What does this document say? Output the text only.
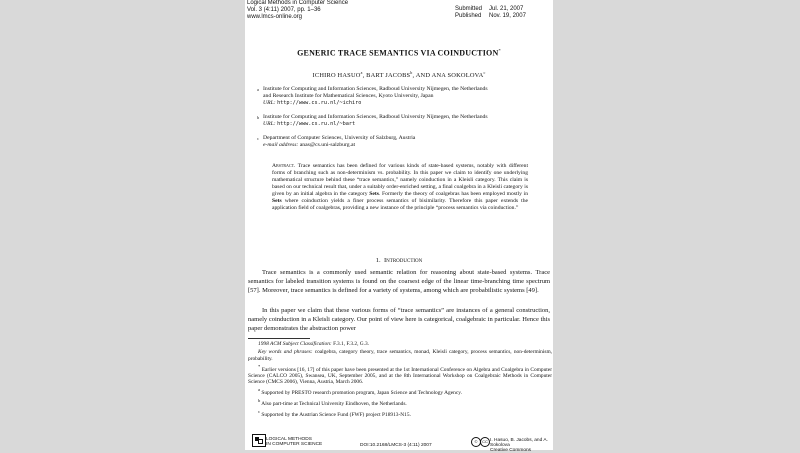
Logical Methods in Computer Science
Vol. 3 (4:11) 2007, pp. 1–36
www.lmcs-online.org
Submitted Jul. 21, 2007
Published Nov. 19, 2007
GENERIC TRACE SEMANTICS VIA COINDUCTION*
ICHIRO HASUO$^a$, BART JACOBS$^b$, AND ANA SOKOLOVA$^c$
a Institute for Computing and Information Sciences, Radboud University Nijmegen, the Netherlands
and Research Institute for Mathematical Sciences, Kyoto University, Japan
URL: http://www.cs.ru.nl/~ichiro
b Institute for Computing and Information Sciences, Radboud University Nijmegen, the Netherlands
URL: http://www.cs.ru.nl/~bart
c Department of Computer Sciences, University of Salzburg, Austria
e-mail address: anas@cs.uni-salzburg.at
Abstract. Trace semantics has been defined for various kinds of state-based systems, notably with different forms of branching such as non-determinism vs. probability. In this paper we claim to identify one underlying mathematical structure behind these “trace semantics,” namely coinduction in a Kleisli category. This claim is based on our technical result that, under a suitably order-enriched setting, a final coalgebra in a Kleisli category is given by an initial algebra in the category Sets. Formerly the theory of coalgebras has been employed mostly in Sets where coinduction yields a finer process semantics of bisimilarity. Therefore this paper extends the application field of coalgebras, providing a new instance of the principle “process semantics via coinduction.”
1. Introduction
Trace semantics is a commonly used semantic relation for reasoning about state-based systems. Trace semantics for labeled transition systems is found on the coarsest edge of the linear time-branching time spectrum [57]. Moreover, trace semantics is defined for a variety of systems, among which are probabilistic systems [49].
In this paper we claim that these various forms of “trace semantics” are instances of a general construction, namely coinduction in a Kleisli category. Our point of view here is categorical, coalgebraic in particular. Hence this paper demonstrates the abstraction power

1998 ACM Subject Classification: F.3.1, F.3.2, G.3.

Key words and phrases: coalgebra, category theory, trace semantics, monad, Kleisli category, process semantics, non-determinism, probability.

* Earlier versions [16, 17] of this paper have been presented at the 1st International Conference on Algebra and Coalgebra in Computer Science (CALCO 2005), Swansea, UK, September 2005, and at the 8th International Workshop on Coalgebraic Methods in Computer Science (CMCS 2006), Vienna, Austria, March 2006.

$^a$ Supported by PRESTO research promotion program, Japan Science and Technology Agency.

$^b$ Also part-time at Technical University Eindhoven, the Netherlands.

$^c$ Supported by the Austrian Science Fund (FWF) project P18913-N15.

LOGICAL METHODS
IN COMPUTER SCIENCE	DOI:10.2168/LMCS-3 (4:11) 2007
©	CC I. Hasuo, B. Jacobs, and A. Sokolova
Creative Commons
